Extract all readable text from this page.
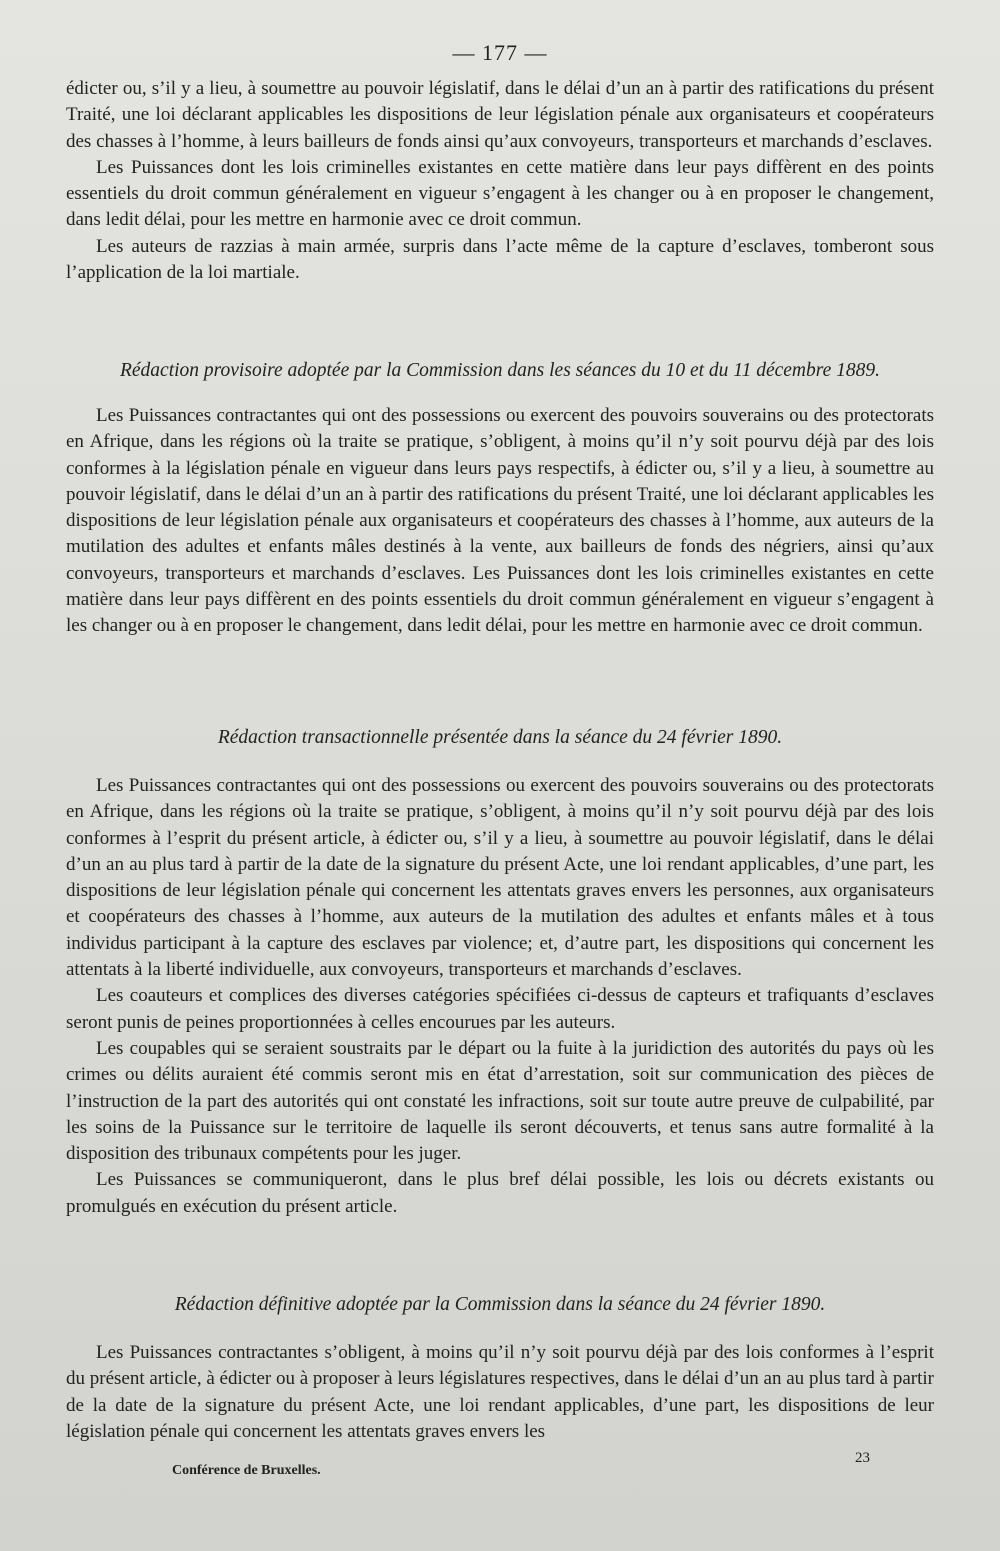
— 177 —

édicter ou, s’il y a lieu, à soumettre au pouvoir législatif, dans le délai d’un an à partir des ratifications du présent Traité, une loi déclarant applicables les dispositions de leur législation pénale aux organisateurs et coopérateurs des chasses à l’homme, à leurs bailleurs de fonds ainsi qu’aux convoyeurs, transporteurs et marchands d’esclaves.

Les Puissances dont les lois criminelles existantes en cette matière dans leur pays diffèrent en des points essentiels du droit commun généralement en vigueur s’engagent à les changer ou à en proposer le changement, dans ledit délai, pour les mettre en harmonie avec ce droit commun.

Les auteurs de razzias à main armée, surpris dans l’acte même de la capture d’esclaves, tomberont sous l’application de la loi martiale.

Rédaction provisoire adoptée par la Commission dans les séances du 10 et du 11 décembre 1889.

Les Puissances contractantes qui ont des possessions ou exercent des pouvoirs souverains ou des protectorats en Afrique, dans les régions où la traite se pratique, s’obligent, à moins qu’il n’y soit pourvu déjà par des lois conformes à la législation pénale en vigueur dans leurs pays respectifs, à édicter ou, s’il y a lieu, à soumettre au pouvoir législatif, dans le délai d’un an à partir des ratifications du présent Traité, une loi déclarant applicables les dispositions de leur législation pénale aux organisateurs et coopérateurs des chasses à l’homme, aux auteurs de la mutilation des adultes et enfants mâles destinés à la vente, aux bailleurs de fonds des négriers, ainsi qu’aux convoyeurs, transporteurs et marchands d’esclaves. Les Puissances dont les lois criminelles existantes en cette matière dans leur pays diffèrent en des points essentiels du droit commun généralement en vigueur s’engagent à les changer ou à en proposer le changement, dans ledit délai, pour les mettre en harmonie avec ce droit commun.

Rédaction transactionnelle présentée dans la séance du 24 février 1890.

Les Puissances contractantes qui ont des possessions ou exercent des pouvoirs souverains ou des protectorats en Afrique, dans les régions où la traite se pratique, s’obligent, à moins qu’il n’y soit pourvu déjà par des lois conformes à l’esprit du présent article, à édicter ou, s’il y a lieu, à soumettre au pouvoir législatif, dans le délai d’un an au plus tard à partir de la date de la signature du présent Acte, une loi rendant applicables, d’une part, les dispositions de leur législation pénale qui concernent les attentats graves envers les personnes, aux organisateurs et coopérateurs des chasses à l’homme, aux auteurs de la mutilation des adultes et enfants mâles et à tous individus participant à la capture des esclaves par violence; et, d’autre part, les dispositions qui concernent les attentats à la liberté individuelle, aux convoyeurs, transporteurs et marchands d’esclaves.

Les coauteurs et complices des diverses catégories spécifiées ci-dessus de capteurs et trafiquants d’esclaves seront punis de peines proportionnées à celles encourues par les auteurs.

Les coupables qui se seraient soustraits par le départ ou la fuite à la juridiction des autorités du pays où les crimes ou délits auraient été commis seront mis en état d’arrestation, soit sur communication des pièces de l’instruction de la part des autorités qui ont constaté les infractions, soit sur toute autre preuve de culpabilité, par les soins de la Puissance sur le territoire de laquelle ils seront découverts, et tenus sans autre formalité à la disposition des tribunaux compétents pour les juger.

Les Puissances se communiqueront, dans le plus bref délai possible, les lois ou décrets existants ou promulgués en exécution du présent article.

Rédaction définitive adoptée par la Commission dans la séance du 24 février 1890.

Les Puissances contractantes s’obligent, à moins qu’il n’y soit pourvu déjà par des lois conformes à l’esprit du présent article, à édicter ou à proposer à leurs législatures respectives, dans le délai d’un an au plus tard à partir de la date de la signature du présent Acte, une loi rendant applicables, d’une part, les dispositions de leur législation pénale qui concernent les attentats graves envers les

Conférence de Bruxelles.
23
